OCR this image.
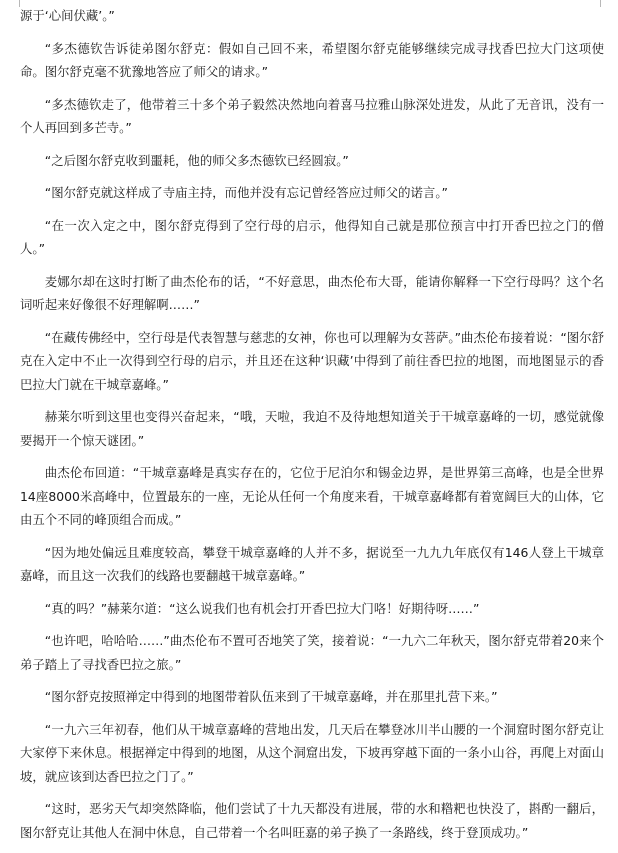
源于‘心间伏藏’。”

“多杰德钦告诉徒弟图尔舒克：假如自己回不来，希望图尔舒克能够继续完成寻找香巴拉大门这项使命。图尔舒克毫不犹豫地答应了师父的请求。”

“多杰德钦走了，他带着三十多个弟子毅然决然地向着喜马拉雅山脉深处进发，从此了无音讯，没有一个人再回到多芒寺。”

“之后图尔舒克收到噩耗，他的师父多杰德钦已经圆寂。”

“图尔舒克就这样成了寺庙主持，而他并没有忘记曾经答应过师父的诺言。”

“在一次入定之中，图尔舒克得到了空行母的启示，他得知自己就是那位预言中打开香巴拉之门的僧人。”

麦娜尔却在这时打断了曲杰伦布的话，“不好意思，曲杰伦布大哥，能请你解释一下空行母吗？这个名词听起来好像很不好理解啊……”

“在藏传佛经中，空行母是代表智慧与慈悲的女神，你也可以理解为女菩萨。”曲杰伦布接着说：“图尔舒克在入定中不止一次得到空行母的启示，并且还在这种‘识藏’中得到了前往香巴拉的地图，而地图显示的香巴拉大门就在干城章嘉峰。”

赫莱尔听到这里也变得兴奋起来，“哦，天啦，我迫不及待地想知道关于干城章嘉峰的一切，感觉就像要揭开一个惊天谜团。”

曲杰伦布回道：“干城章嘉峰是真实存在的，它位于尼泊尔和锡金边界，是世界第三高峰，也是全世界14座8000米高峰中，位置最东的一座，无论从任何一个角度来看，干城章嘉峰都有着宽阔巨大的山体，它由五个不同的峰顶组合而成。”

“因为地处偏远且难度较高，攀登干城章嘉峰的人并不多，据说至一九九九年底仅有146人登上干城章嘉峰，而且这一次我们的线路也要翻越干城章嘉峰。”

“真的吗？”赫莱尔道：“这么说我们也有机会打开香巴拉大门咯！好期待呀……”

“也许吧，哈哈哈……”曲杰伦布不置可否地笑了笑，接着说：“一九六二年秋天，图尔舒克带着20来个弟子踏上了寻找香巴拉之旅。”

“图尔舒克按照禅定中得到的地图带着队伍来到了干城章嘉峰，并在那里扎营下来。”

“一九六三年初春，他们从干城章嘉峰的营地出发，几天后在攀登冰川半山腰的一个洞窟时图尔舒克让大家停下来休息。根据禅定中得到的地图，从这个洞窟出发，下坡再穿越下面的一条小山谷，再爬上对面山坡，就应该到达香巴拉之门了。”

“这时，恶劣天气却突然降临，他们尝试了十九天都没有进展，带的水和糌粑也快没了，斟酌一翻后，图尔舒克让其他人在洞中休息，自己带着一个名叫旺嘉的弟子换了一条路线，终于登顶成功。”
